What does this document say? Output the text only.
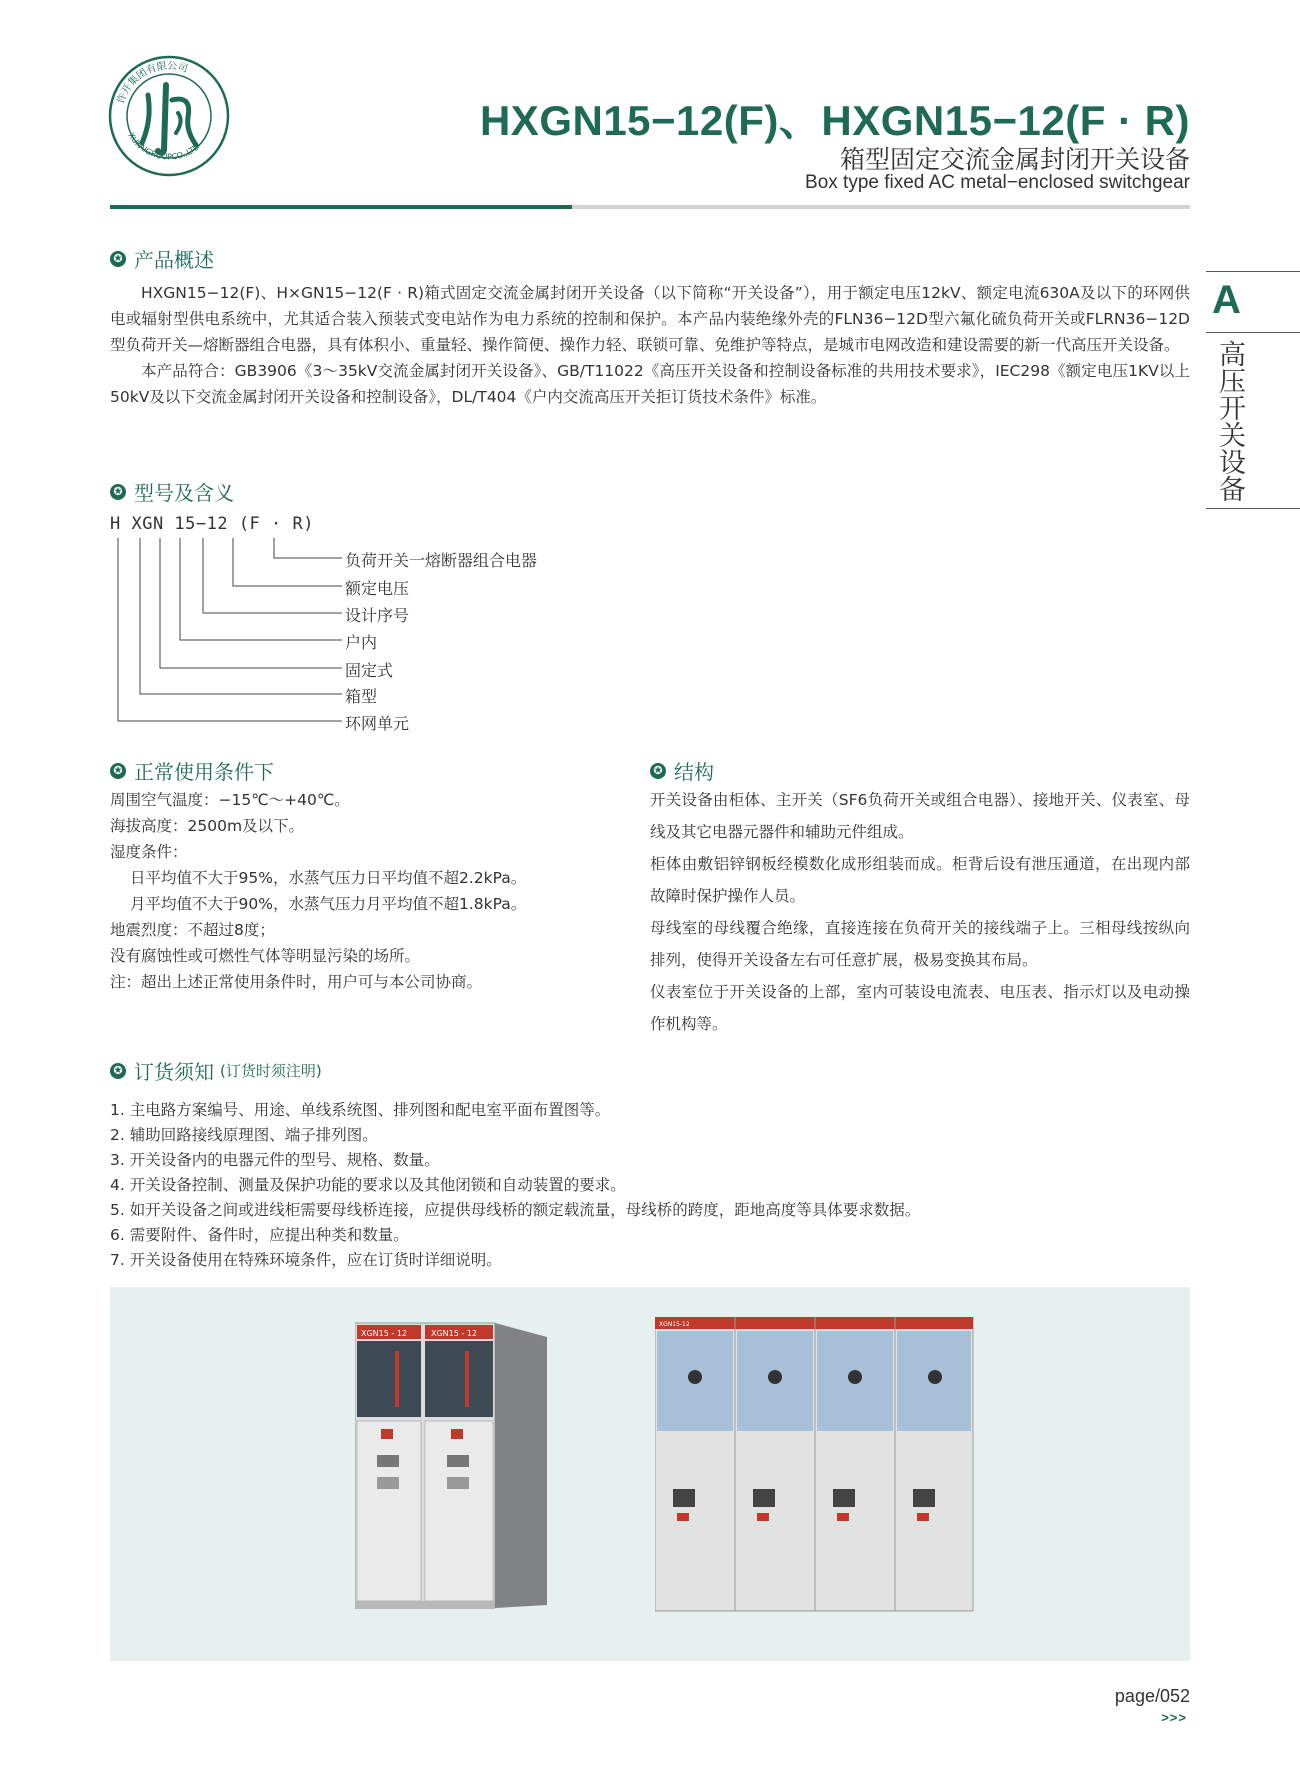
许开集团有限公司
XUKAIGROUPCO.,LTD
HXGN15−12(F)、HXGN15−12(F · R)
箱型固定交流金属封闭开关设备
Box type fixed AC metal−enclosed switchgear
A
高压开关设备
✪ 产品概述

HXGN15−12(F)、H×GN15−12(F · R)箱式固定交流金属封闭开关设备（以下简称“开关设备”），用于额定电压12kV、额定电流630A及以下的环网供电或辐射型供电系统中，尤其适合装入预装式变电站作为电力系统的控制和保护。本产品内装绝缘外壳的FLN36−12D型六氟化硫负荷开关或FLRN36−12D型负荷开关—熔断器组合电器，具有体积小、重量轻、操作简便、操作力轻、联锁可靠、免维护等特点，是城市电网改造和建设需要的新一代高压开关设备。

本产品符合：GB3906《3～35kV交流金属封闭开关设备》、GB/T11022《高压开关设备和控制设备标准的共用技术要求》，IEC298《额定电压1KV以上50kV及以下交流金属封闭开关设备和控制设备》，DL/T404《户内交流高压开关拒订货技术条件》标准。

✪ 型号及含义
H XGN 15−12 (F · R)
负荷开关一熔断器组合电器
额定电压
设计序号
户内
固定式
箱型
环网单元
✪ 正常使用条件下
周围空气温度：−15℃～+40℃。
海拔高度：2500m及以下。
湿度条件：
日平均值不大于95%，水蒸气压力日平均值不超2.2kPa。
月平均值不大于90%，水蒸气压力月平均值不超1.8kPa。
地震烈度：不超过8度；
没有腐蚀性或可燃性气体等明显污染的场所。
注：超出上述正常使用条件时，用户可与本公司协商。
✪ 结构

开关设备由柜体、主开关（SF6负荷开关或组合电器）、接地开关、仪表室、母线及其它电器元器件和辅助元件组成。

柜体由敷铝锌钢板经模数化成形组装而成。柜背后设有泄压通道，在出现内部故障时保护操作人员。

母线室的母线覆合绝缘，直接连接在负荷开关的接线端子上。三相母线按纵向排列，使得开关设备左右可任意扩展，极易变换其布局。

仪表室位于开关设备的上部，室内可装设电流表、电压表、指示灯以及电动操作机构等。

✪ 订货须知 (订货时须注明)
1. 主电路方案编号、用途、单线系统图、排列图和配电室平面布置图等。
2. 辅助回路接线原理图、端子排列图。
3. 开关设备内的电器元件的型号、规格、数量。
4. 开关设备控制、测量及保护功能的要求以及其他闭锁和自动装置的要求。
5. 如开关设备之间或进线柜需要母线桥连接，应提供母线桥的额定载流量，母线桥的跨度，距地高度等具体要求数据。
6. 需要附件、备件时，应提出种类和数量。
7. 开关设备使用在特殊环境条件，应在订货时详细说明。
XGN15 - 12	XGN15 - 12
XGN15-12
page/052
>>>
